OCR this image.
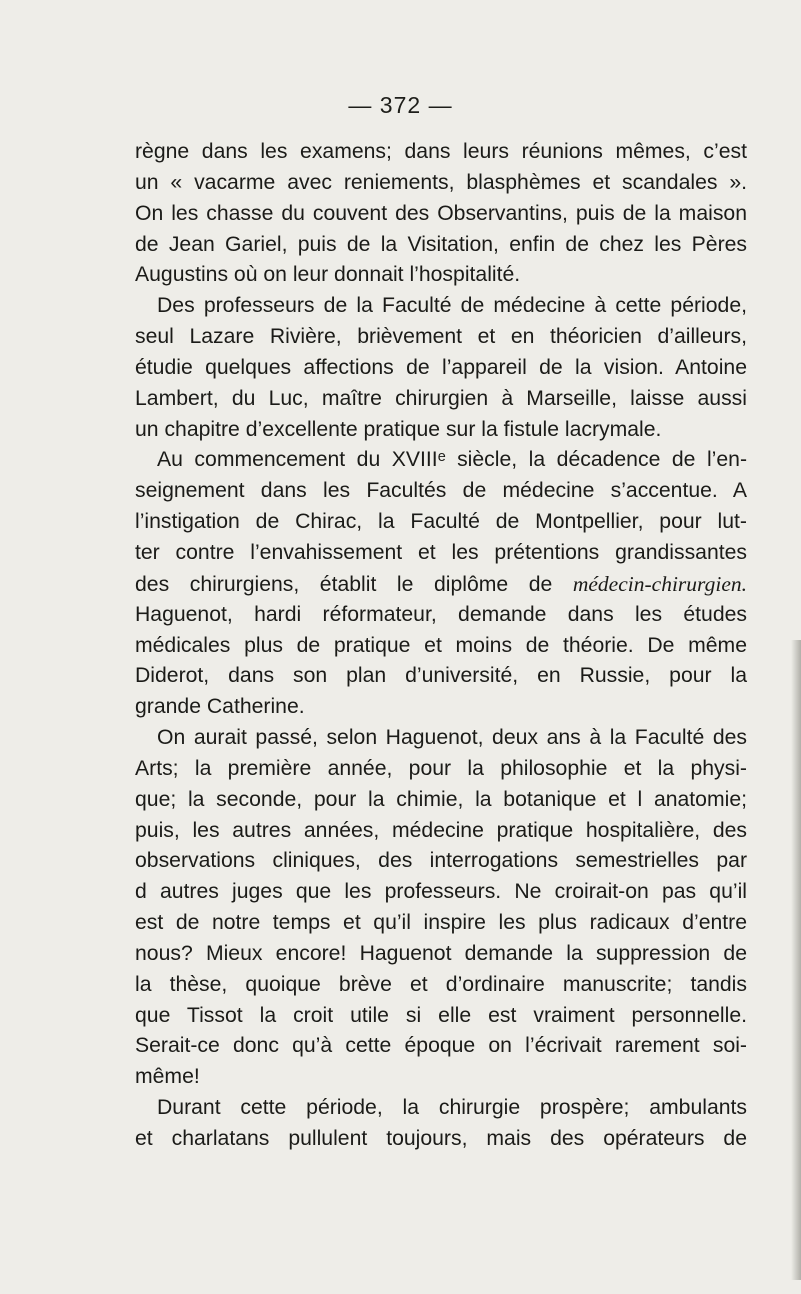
— 372 —
règne dans les examens; dans leurs réunions mêmes, c’est
un « vacarme avec reniements, blasphèmes et scandales ».
On les chasse du couvent des Observantins, puis de la maison
de Jean Gariel, puis de la Visitation, enfin de chez les Pères
Augustins où on leur donnait l’hospitalité.
Des professeurs de la Faculté de médecine à cette période,
seul Lazare Rivière, brièvement et en théoricien d’ailleurs,
étudie quelques affections de l’appareil de la vision. Antoine
Lambert, du Luc, maître chirurgien à Marseille, laisse aussi
un chapitre d’excellente pratique sur la fistule lacrymale.
Au commencement du XVIIIᵉ siècle, la décadence de l’en-
seignement dans les Facultés de médecine s’accentue. A
l’instigation de Chirac, la Faculté de Montpellier, pour lut-
ter contre l’envahissement et les prétentions grandissantes
des chirurgiens, établit le diplôme de médecin-chirurgien.
Haguenot, hardi réformateur, demande dans les études
médicales plus de pratique et moins de théorie. De même
Diderot, dans son plan d’université, en Russie, pour la
grande Catherine.
On aurait passé, selon Haguenot, deux ans à la Faculté des
Arts; la première année, pour la philosophie et la physi-
que; la seconde, pour la chimie, la botanique et l anatomie;
puis, les autres années, médecine pratique hospitalière, des
observations cliniques, des interrogations semestrielles par
d autres juges que les professeurs. Ne croirait-on pas qu’il
est de notre temps et qu’il inspire les plus radicaux d’entre
nous? Mieux encore! Haguenot demande la suppression de
la thèse, quoique brève et d’ordinaire manuscrite; tandis
que Tissot la croit utile si elle est vraiment personnelle.
Serait-ce donc qu’à cette époque on l’écrivait rarement soi-
même!
Durant cette période, la chirurgie prospère; ambulants
et charlatans pullulent toujours, mais des opérateurs de
